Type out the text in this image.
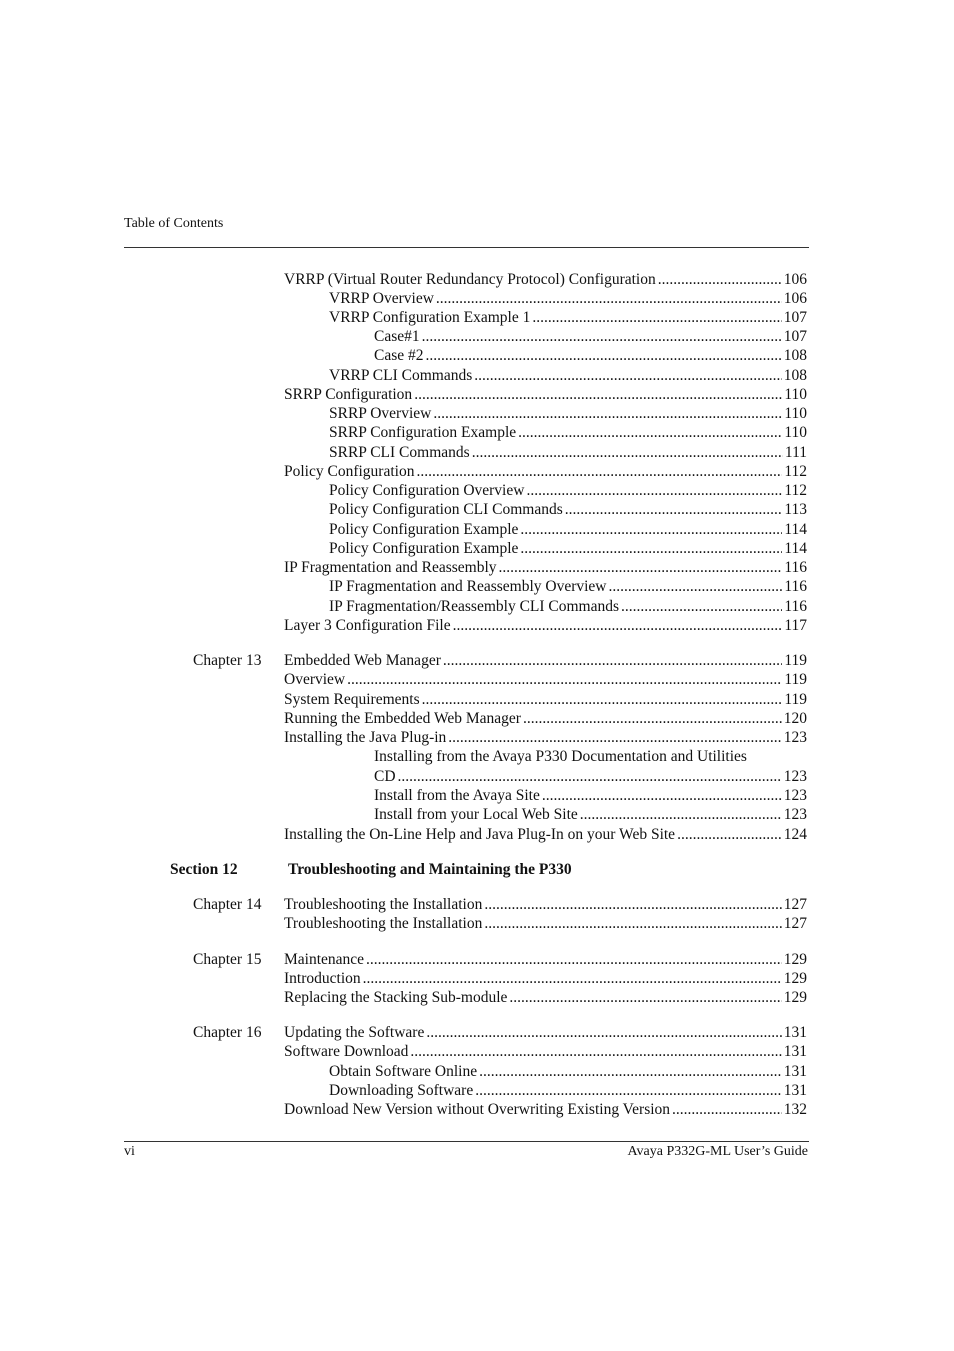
Table of Contents
VRRP (Virtual Router Redundancy Protocol) Configuration .....	106
VRRP Overview .....	106
VRRP Configuration Example 1 .....	107
Case#1 .....	107
Case #2 .....	108
VRRP CLI Commands .....	108
SRRP Configuration .....	110
SRRP Overview .....	110
SRRP Configuration Example .....	110
SRRP CLI Commands .....	111
Policy Configuration .....	112
Policy Configuration Overview .....	112
Policy Configuration CLI Commands .....	113
Policy Configuration Example .....	114
Policy Configuration Example .....	114
IP Fragmentation and Reassembly .....	116
IP Fragmentation and Reassembly Overview .....	116
IP Fragmentation/Reassembly CLI Commands .....	116
Layer 3 Configuration File .....	117
Chapter 13 Embedded Web Manager .....	119
Overview .....	119
System Requirements .....	119
Running the Embedded Web Manager .....	120
Installing the Java Plug-in .....	123
Installing from the Avaya P330 Documentation and Utilities
CD .....	123
Install from the Avaya Site .....	123
Install from your Local Web Site .....	123
Installing the On-Line Help and Java Plug-In on your Web Site .....	124
Section 12	Troubleshooting and Maintaining the P330
Chapter 14 Troubleshooting the Installation .....	127
Troubleshooting the Installation .....	127
Chapter 15 Maintenance .....	129
Introduction .....	129
Replacing the Stacking Sub-module .....	129
Chapter 16 Updating the Software .....	131
Software Download .....	131
Obtain Software Online .....	131
Downloading Software .....	131
Download New Version without Overwriting Existing Version .....	132
vi	Avaya P332G-ML User’s Guide
